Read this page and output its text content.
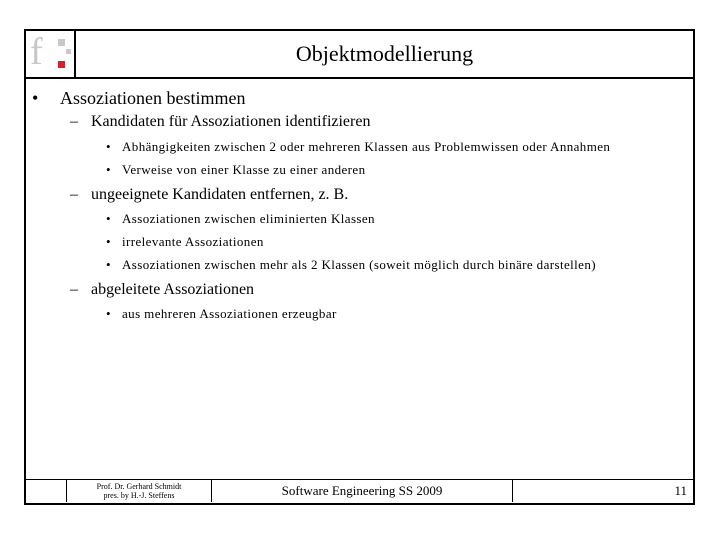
f	Objektmodellierung
• Assoziationen bestimmen
– Kandidaten für Assoziationen identifizieren
• Abhängigkeiten zwischen 2 oder mehreren Klassen aus Problemwissen oder Annahmen
• Verweise von einer Klasse zu einer anderen
– ungeeignete Kandidaten entfernen, z. B.
• Assoziationen zwischen eliminierten Klassen
• irrelevante Assoziationen
• Assoziationen zwischen mehr als 2 Klassen (soweit möglich durch binäre darstellen)
– abgeleitete Assoziationen
• aus mehreren Assoziationen erzeugbar
Prof. Dr. Gerhard Schmidt
pres. by H.-J. Steffens	Software Engineering SS 2009	11
